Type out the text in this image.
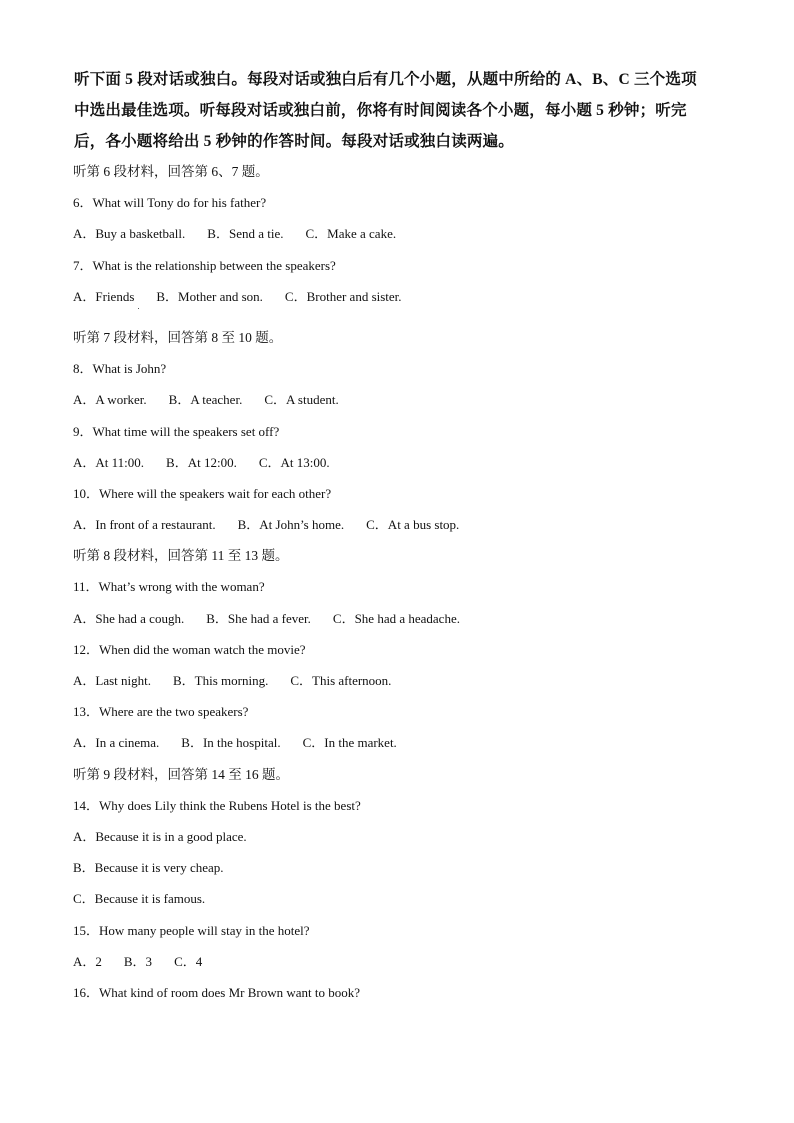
听下面 5 段对话或独白。每段对话或独白后有几个小题，从题中所给的 A、B、C 三个选项
中选出最佳选项。听每段对话或独白前，你将有时间阅读各个小题，每小题 5 秒钟；听完
后，各小题将给出 5 秒钟的作答时间。每段对话或独白读两遍。
听第 6 段材料，回答第 6、7 题。
6．What will Tony do for his father?
A．Buy a basketball. B．Send a tie. C．Make a cake.
7．What is the relationship between the speakers?
A．Friends B．Mother and son. C．Brother and sister.
听第 7 段材料，回答第 8 至 10 题。
8．What is John?
A．A worker. B．A teacher. C．A student.
9．What time will the speakers set off?
A．At 11:00. B．At 12:00. C．At 13:00.
10．Where will the speakers wait for each other?
A．In front of a restaurant. B．At John’s home. C．At a bus stop.
听第 8 段材料，回答第 11 至 13 题。
11．What’s wrong with the woman?
A．She had a cough. B．She had a fever. C．She had a headache.
12．When did the woman watch the movie?
A．Last night. B．This morning. C．This afternoon.
13．Where are the two speakers?
A．In a cinema. B．In the hospital. C．In the market.
听第 9 段材料，回答第 14 至 16 题。
14．Why does Lily think the Rubens Hotel is the best?
A．Because it is in a good place.
B．Because it is very cheap.
C．Because it is famous.
15．How many people will stay in the hotel?
A．2 B．3 C．4
16．What kind of room does Mr Brown want to book?
